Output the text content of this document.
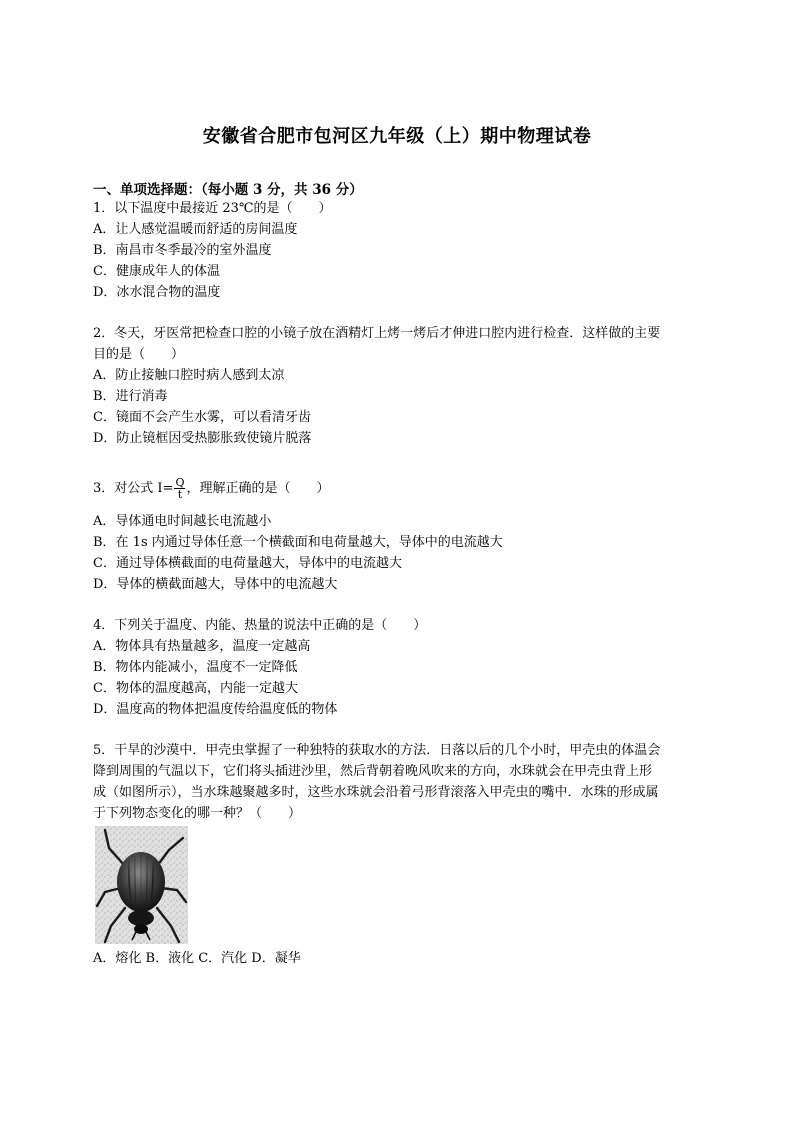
安徽省合肥市包河区九年级（上）期中物理试卷
一、单项选择题：（每小题 3 分，共 36 分）
1．以下温度中最接近 23℃的是（　　）
A．让人感觉温暖而舒适的房间温度
B．南昌市冬季最冷的室外温度
C．健康成年人的体温
D．冰水混合物的温度
2．冬天，牙医常把检查口腔的小镜子放在酒精灯上烤一烤后才伸进口腔内进行检查．这样做的主要
目的是（　　）
A．防止接触口腔时病人感到太凉
B．进行消毒
C．镜面不会产生水雾，可以看清牙齿
D．防止镜框因受热膨胀致使镜片脱落
3．对公式 $I= \frac{Q}{t}$ ，理解正确的是（　　）
A．导体通电时间越长电流越小
B．在 1s 内通过导体任意一个横截面和电荷量越大，导体中的电流越大
C．通过导体横截面的电荷量越大，导体中的电流越大
D．导体的横截面越大，导体中的电流越大
4．下列关于温度、内能、热量的说法中正确的是（　　）
A．物体具有热量越多，温度一定越高
B．物体内能减小，温度不一定降低
C．物体的温度越高，内能一定越大
D．温度高的物体把温度传给温度低的物体
5．干旱的沙漠中．甲壳虫掌握了一种独特的获取水的方法．日落以后的几个小时，甲壳虫的体温会
降到周围的气温以下，它们将头插进沙里，然后背朝着晚风吹来的方向，水珠就会在甲壳虫背上形
成（如图所示），当水珠越聚越多时，这些水珠就会沿着弓形背滚落入甲壳虫的嘴中．水珠的形成属
于下列物态变化的哪一种？（　　）
A．熔化 B．液化 C．汽化 D．凝华
